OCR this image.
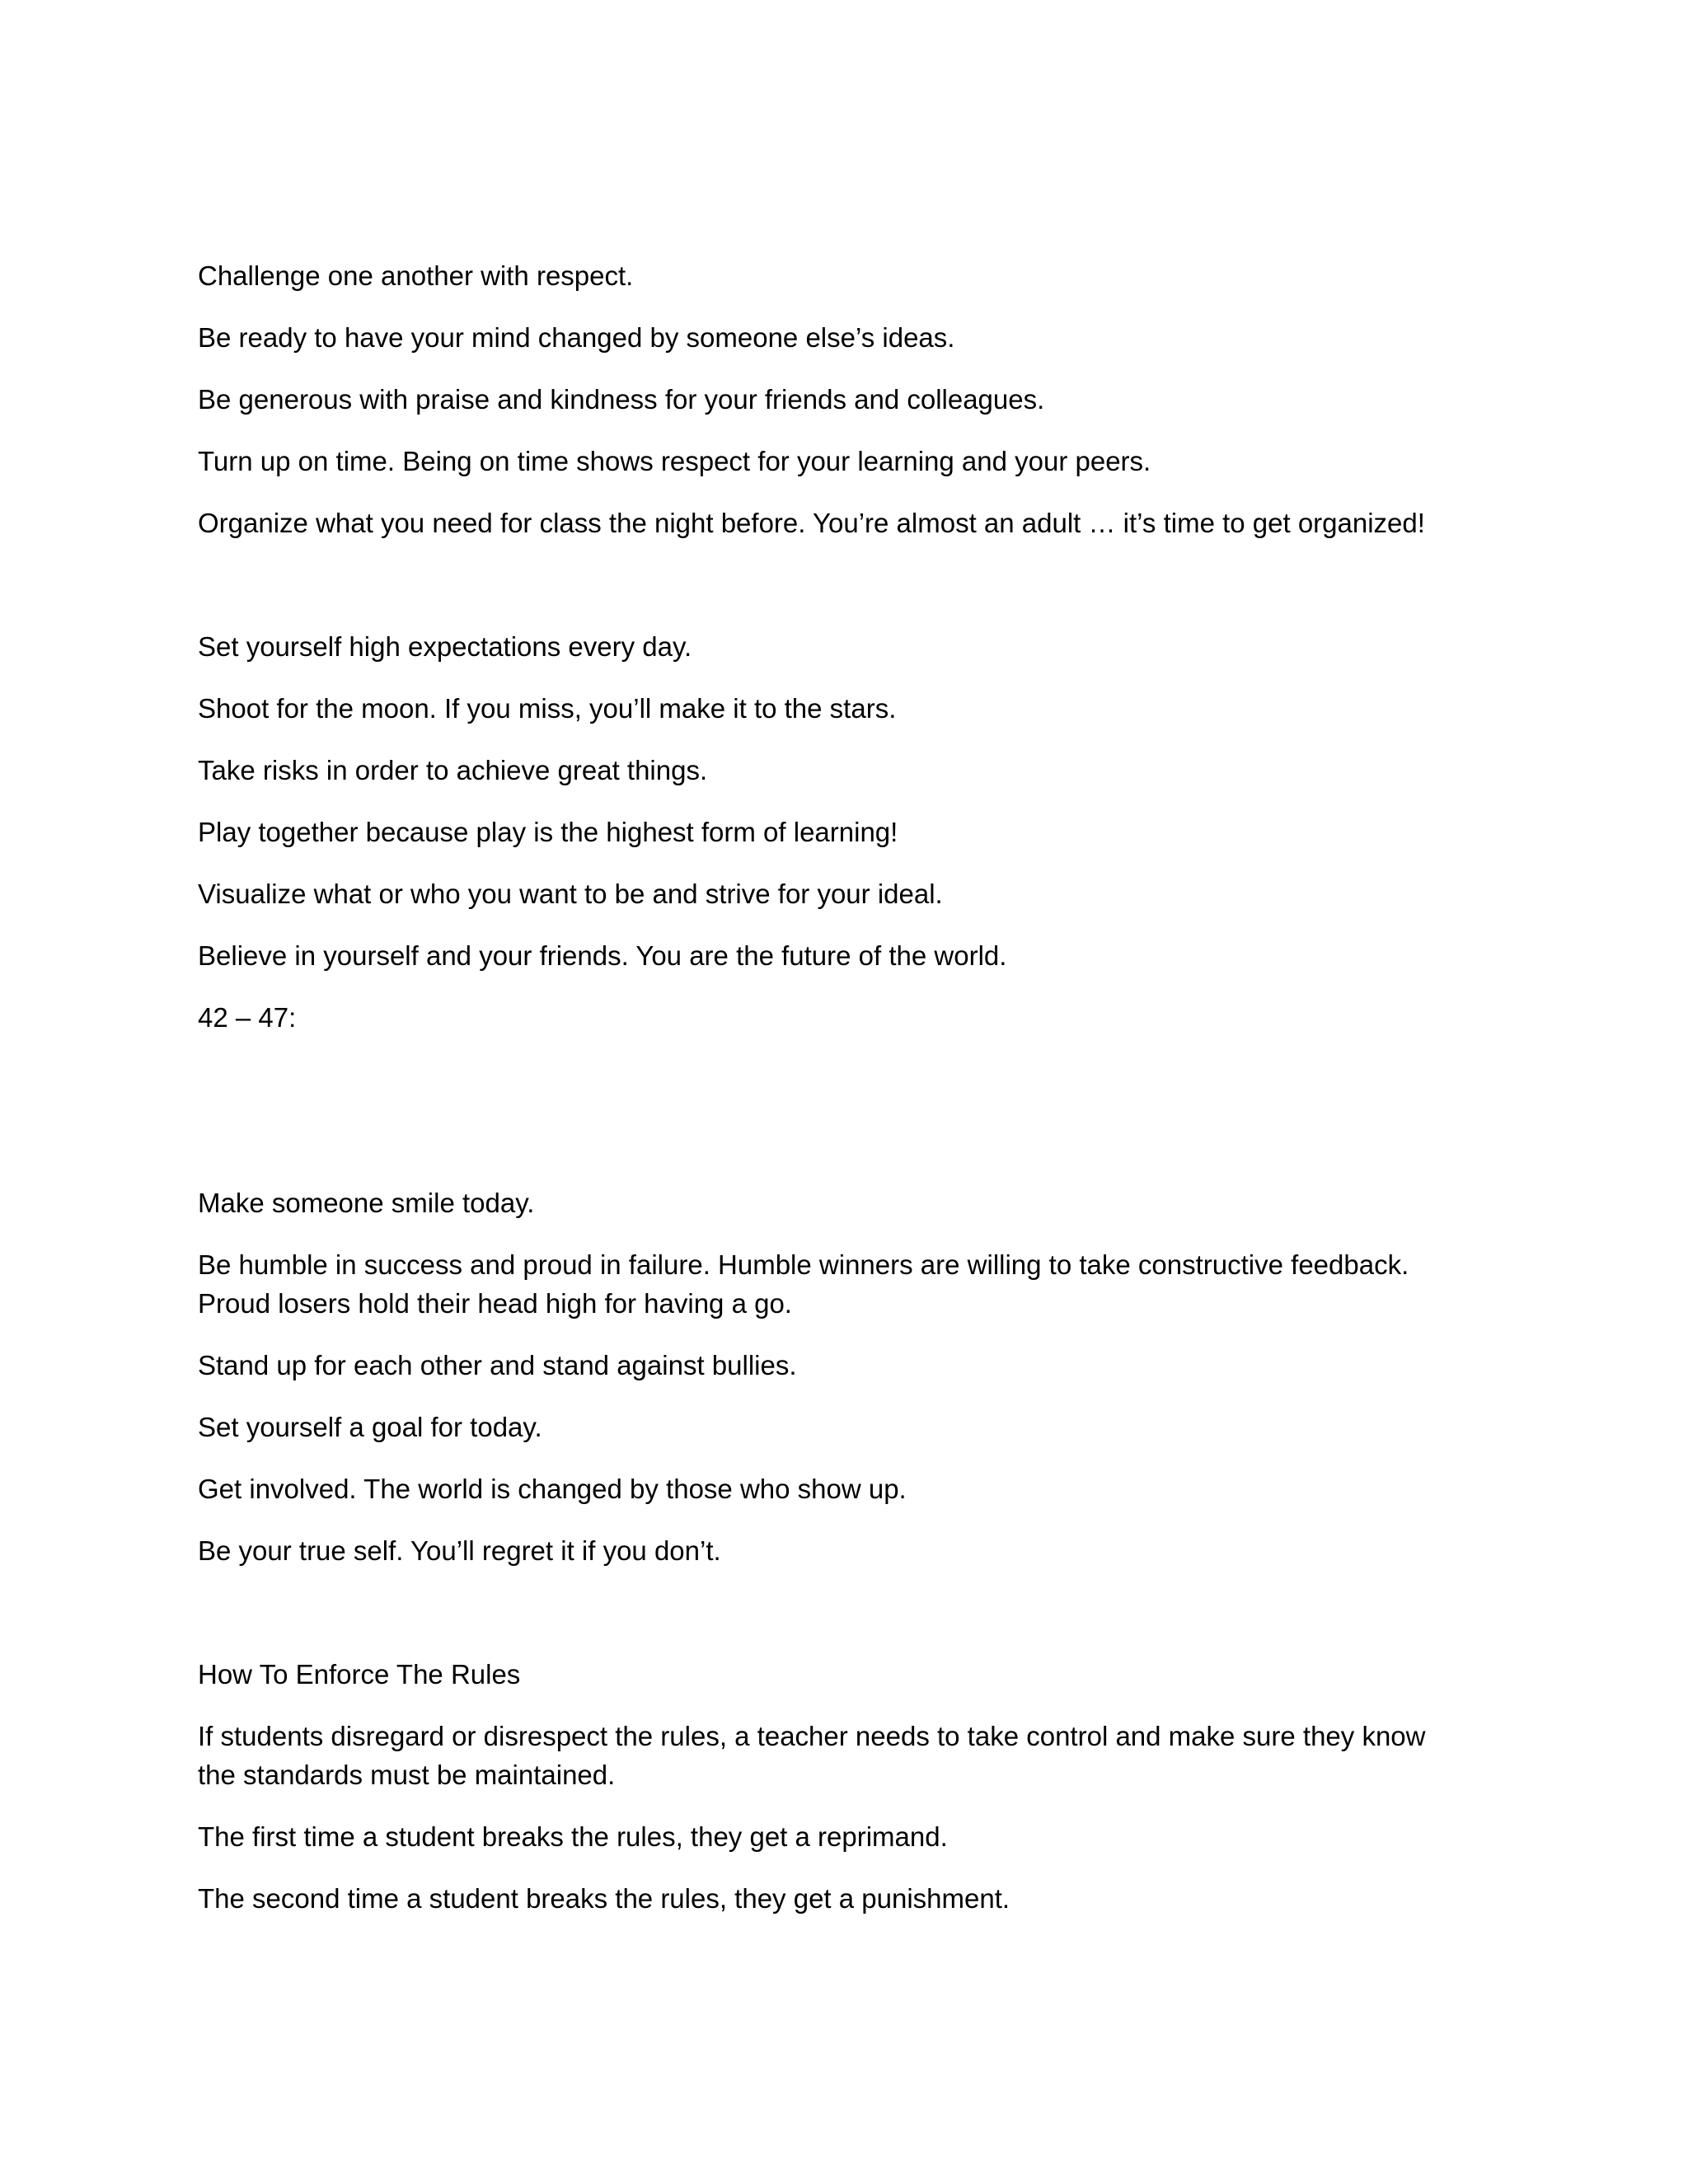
Challenge one another with respect.

Be ready to have your mind changed by someone else’s ideas.

Be generous with praise and kindness for your friends and colleagues.

Turn up on time. Being on time shows respect for your learning and your peers.

Organize what you need for class the night before. You’re almost an adult … it’s time to get organized!

Set yourself high expectations every day.

Shoot for the moon. If you miss, you’ll make it to the stars.

Take risks in order to achieve great things.

Play together because play is the highest form of learning!

Visualize what or who you want to be and strive for your ideal.

Believe in yourself and your friends. You are the future of the world.

42 – 47:

Make someone smile today.

Be humble in success and proud in failure. Humble winners are willing to take constructive feedback.

Proud losers hold their head high for having a go.

Stand up for each other and stand against bullies.

Set yourself a goal for today.

Get involved. The world is changed by those who show up.

Be your true self. You’ll regret it if you don’t.

How To Enforce The Rules

If students disregard or disrespect the rules, a teacher needs to take control and make sure they know

the standards must be maintained.

The first time a student breaks the rules, they get a reprimand.

The second time a student breaks the rules, they get a punishment.
